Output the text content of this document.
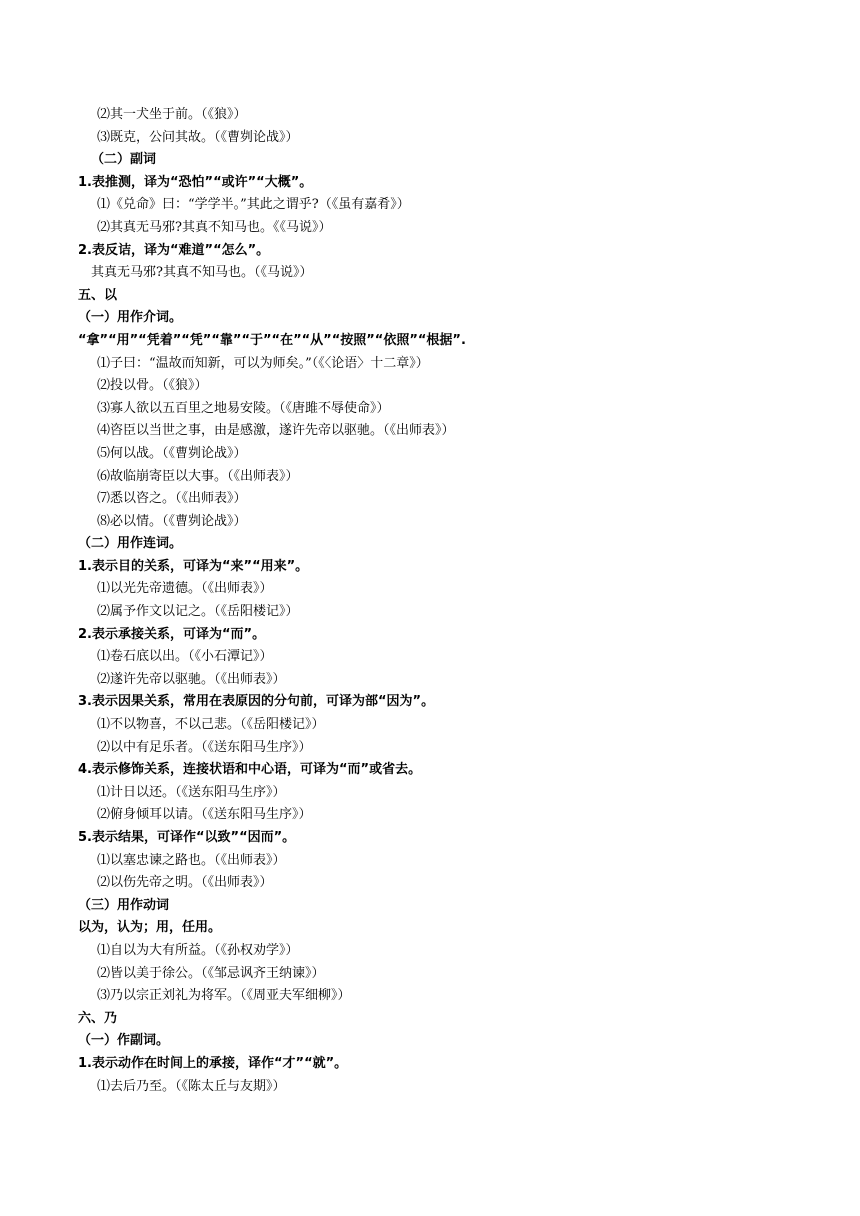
⑵其一犬坐于前。（《狼》）
⑶既克，公问其故。（《曹刿论战》）
（二）副词
1.表推测，译为“恐怕”“或许”“大概”。
⑴《兑命》曰：“学学半。”其此之谓乎?（《虽有嘉肴》）
⑵其真无马邪?其真不知马也。《《马说》）
2.表反诘，译为“难道”“怎么”。
其真无马邪?其真不知马也。（《马说》）
五、以
（一）用作介词。
“拿”“用”“凭着”“凭”“靠”“于”“在”“从”“按照”“依照”“根据”.
⑴子曰：“温故而知新，可以为师矣。”（《〈论语〉十二章》）
⑵投以骨。（《狼》）
⑶寡人欲以五百里之地易安陵。（《唐雎不辱使命》）
⑷咨臣以当世之事，由是感激，遂许先帝以驱驰。（《出师表》）
⑸何以战。（《曹刿论战》）
⑹故临崩寄臣以大事。（《出师表》）
⑺悉以咨之。（《出师表》）
⑻必以情。（《曹刿论战》）
（二）用作连词。
1.表示目的关系，可译为“来”“用来”。
⑴以光先帝遗德。（《出师表》）
⑵属予作文以记之。（《岳阳楼记》）
2.表示承接关系，可译为“而”。
⑴卷石底以出。（《小石潭记》）
⑵遂许先帝以驱驰。（《出师表》）
3.表示因果关系，常用在表原因的分句前，可译为部“因为”。
⑴不以物喜，不以己悲。（《岳阳楼记》）
⑵以中有足乐者。（《送东阳马生序》）
4.表示修饰关系，连接状语和中心语，可译为“而”或省去。
⑴计日以还。（《送东阳马生序》）
⑵俯身倾耳以请。（《送东阳马生序》）
5.表示结果，可译作“以致”“因而”。
⑴以塞忠谏之路也。（《出师表》）
⑵以伤先帝之明。（《出师表》）
（三）用作动词
以为，认为；用，任用。
⑴自以为大有所益。（《孙权劝学》）
⑵皆以美于徐公。（《邹忌讽齐王纳谏》）
⑶乃以宗正刘礼为将军。（《周亚夫军细柳》）
六、乃
（一）作副词。
1.表示动作在时间上的承接，译作“才”“就”。
⑴去后乃至。（《陈太丘与友期》）
